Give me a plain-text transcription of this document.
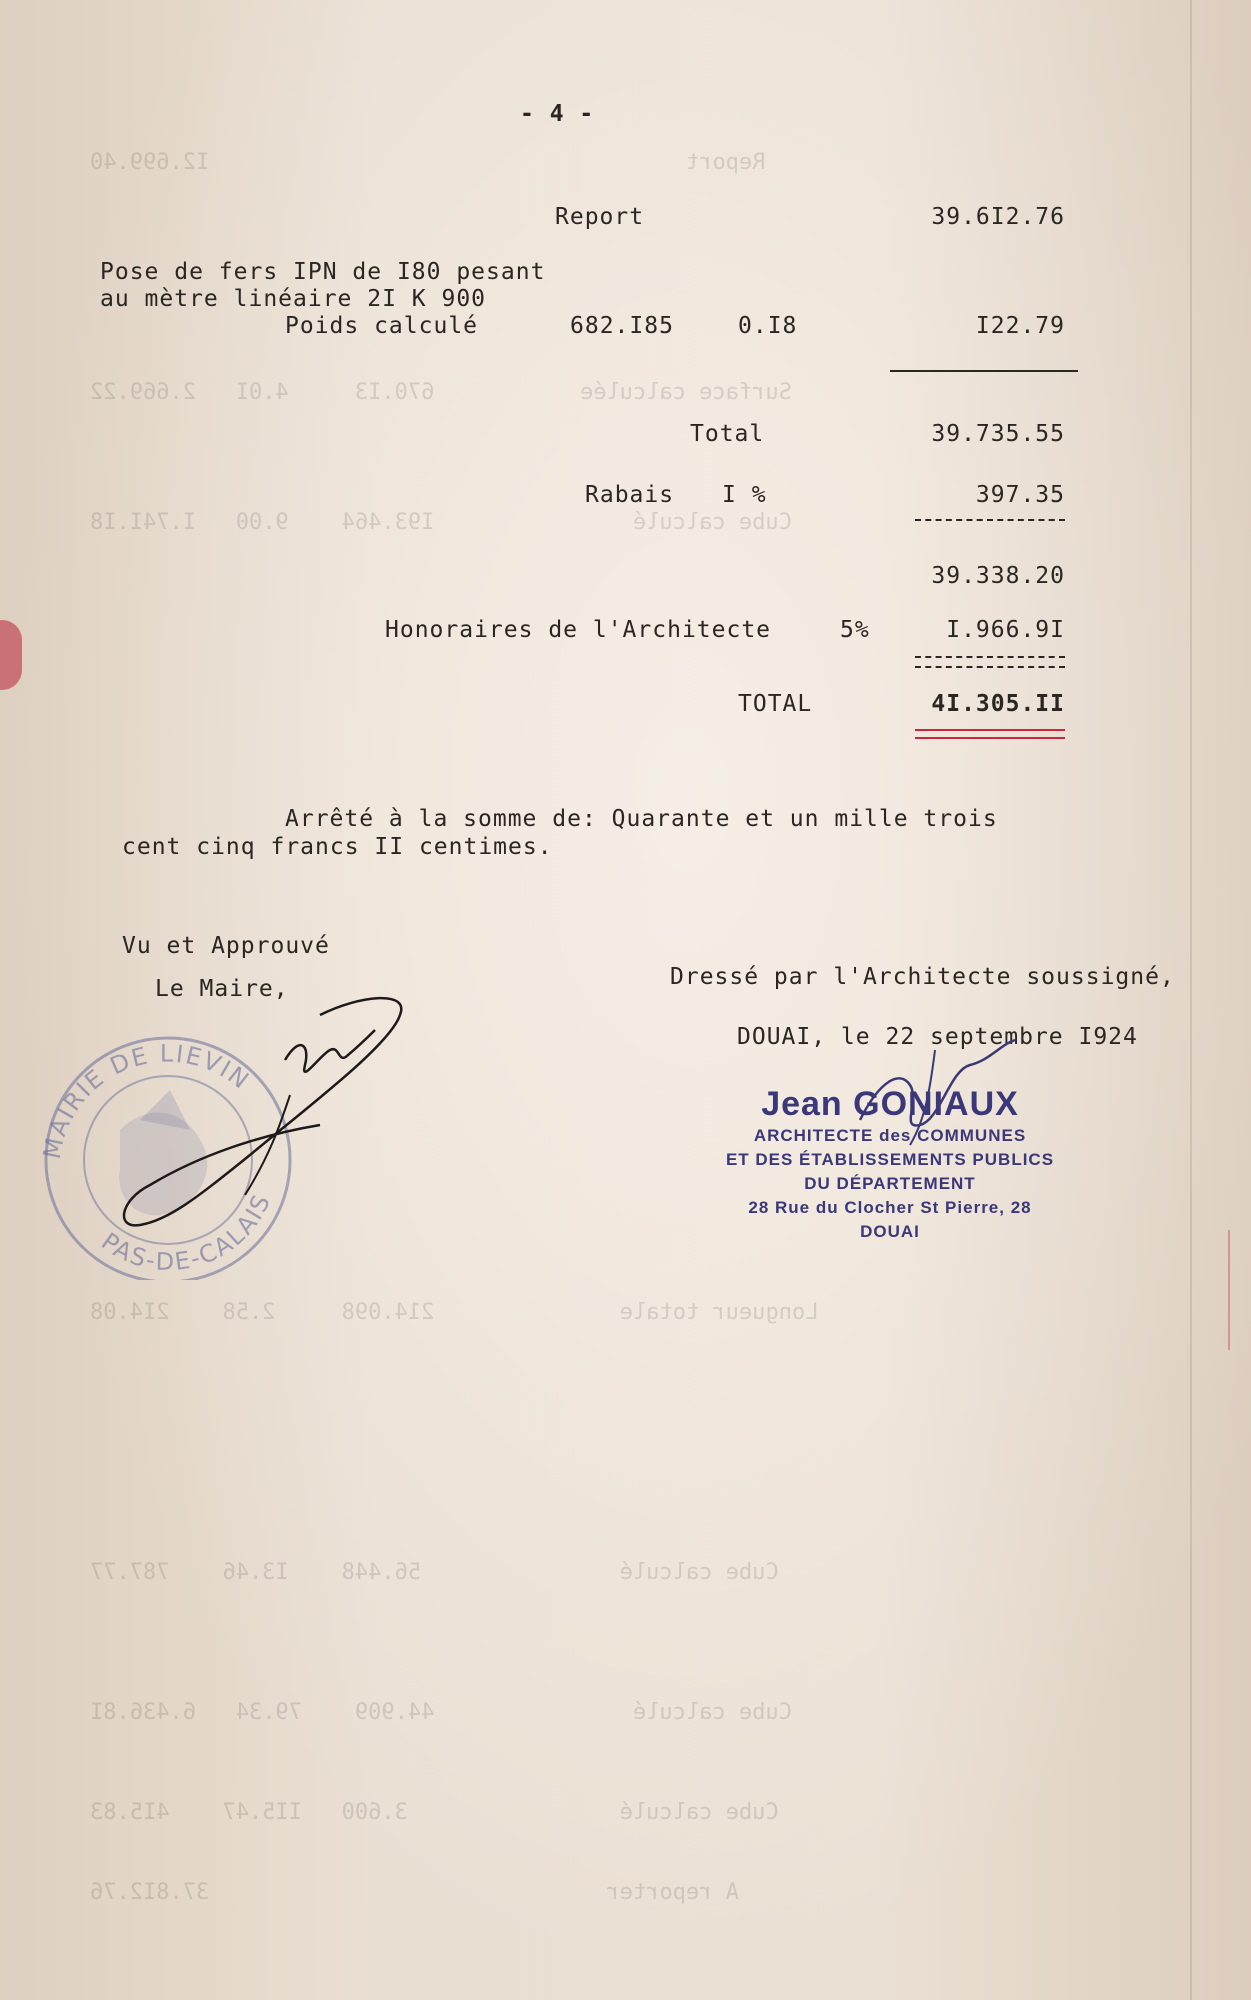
Report                                    I2.699.40
Surface calculée           670.I3     4.0I   2.669.22
Cube calculé               I93.464    9.00   I.74I.I8
Longueur totale              214.098     2.58    2I4.08
Cube calculé               56.448    I3.46    787.77
Cube calculé               44.909    79.34   6.436.8I
Cube calculé                3.600   II5.47    4I5.83
A reporter                              37.8I2.76
- 4 -
Report	39.6I2.76
Pose de fers IPN de I80 pesant
au mètre linéaire 2I K 900
Poids calculé	682.I85	0.I8	I22.79
Total	39.735.55
Rabais I %	397.35
39.338.20
Honoraires de l'Architecte	5%	I.966.9I
TOTAL	4I.305.II
Arrêté à la somme de: Quarante et un mille trois
cent cinq francs II centimes.
Vu et Approuvé
Le Maire,	Dressé par l'Architecte soussigné,
DOUAI, le 22 septembre I924
MAIRIE DE LIEVIN
PAS-DE-CALAIS
Jean GONIAUX
ARCHITECTE des COMMUNES
ET DES ÉTABLISSEMENTS PUBLICS
DU DÉPARTEMENT
28 Rue du Clocher St Pierre, 28
DOUAI
